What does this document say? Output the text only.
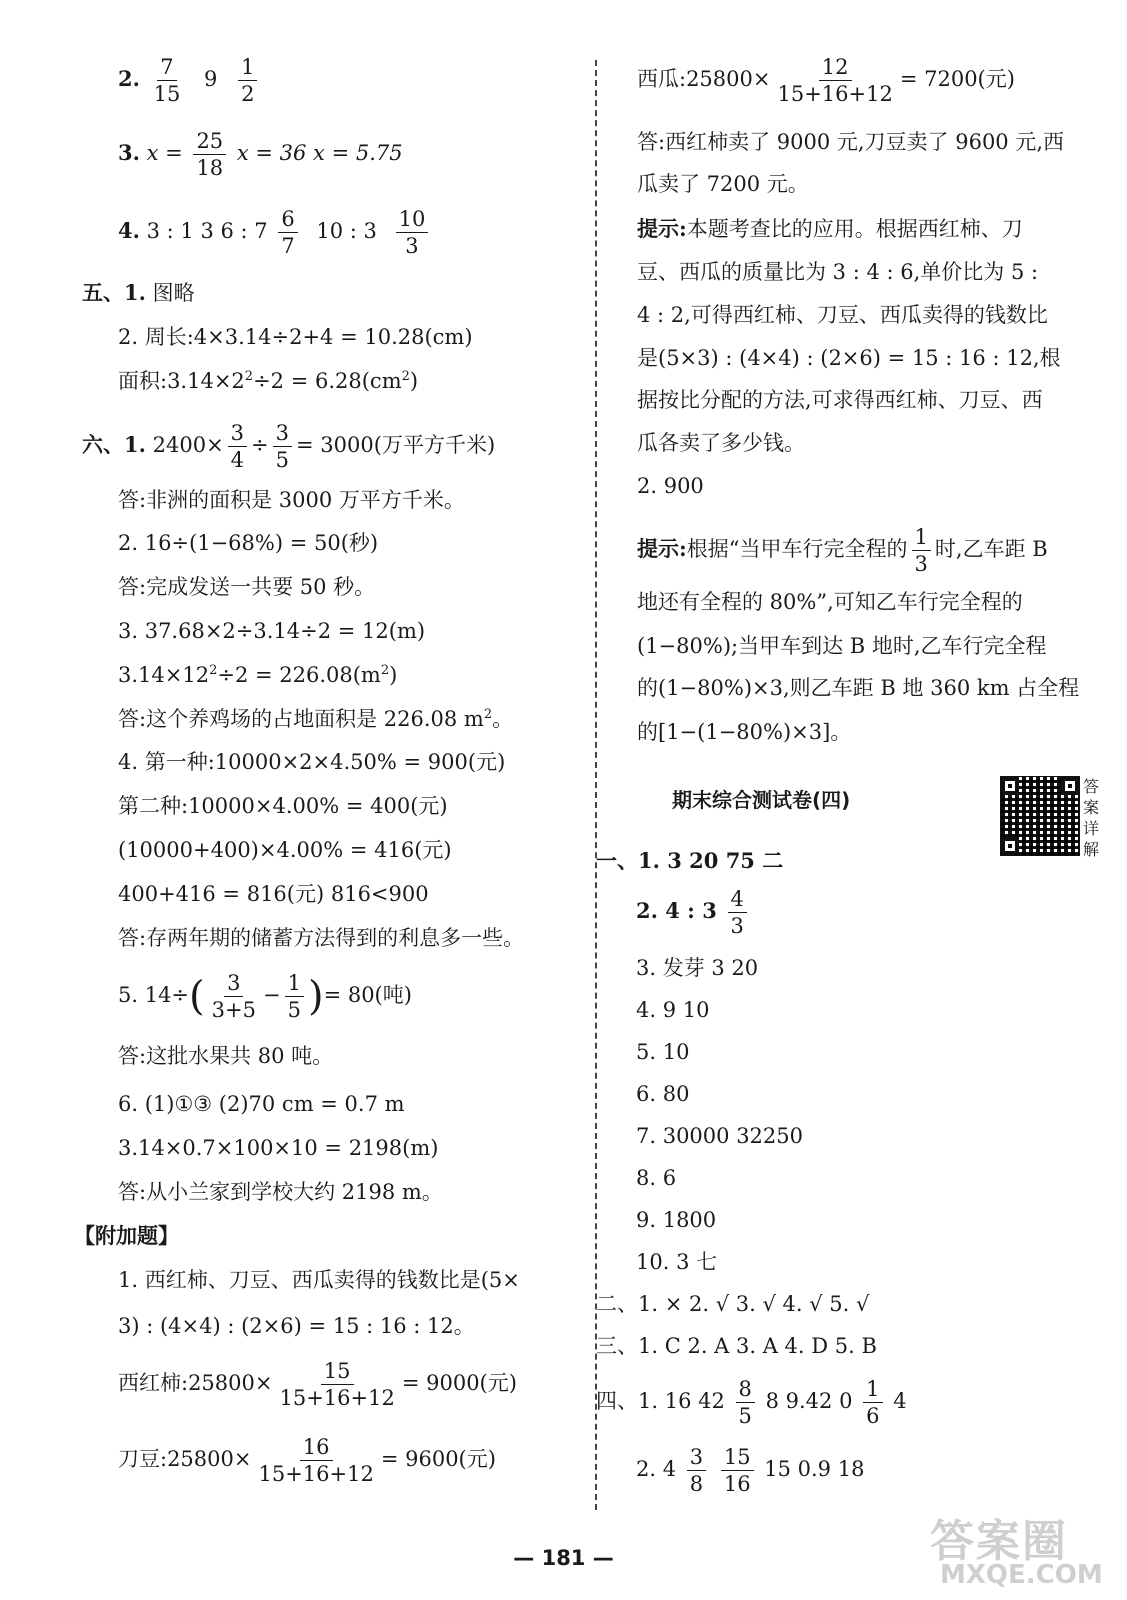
2. $\frac{7}{15} 9 \frac{1}{2}$
3. $x = \frac{25}{18}$ x = 36 x = 5.75
4. 3 : 1 3 6 : $7 \frac{6}{7} 10$ : $3 \frac{10}{3}$
五、1. 图略
2. 周长:4×3.14÷2+4 = 10.28(cm)
面积$:3.14\times 2^2\div 2 = 6.28(cm^2)$
六、1. $2400\times \frac{3}{4} \div \frac{3}{5} = 3000$(万平方千米)
答:非洲的面积是 3000 万平方千米。
2. 16÷(1−68%) = 50(秒)
答:完成发送一共要 50 秒。
3. 37.68×2÷3.14÷2 = 12(m)
$3.14\times 12^2\div 2 = 226.08(m^2)$
答:这个养鸡场的占地面积是 226.08 $m^2$。
4. 第一种:10000×2×4.50% = 900(元)
第二种:10000×4.00% = 400(元)
(10000+400)×4.00% = 416(元)
400+416 = 816(元) 816<900
答:存两年期的储蓄方法得到的利息多一些。
5. $14\div( \frac{3}{3+5} - \frac{1}{5}$ )= 80(吨)
答:这批水果共 80 吨。
6. (1)①③ (2)70 cm = 0.7 m
3.14×0.7×100×10 = 2198(m)
答:从小兰家到学校大约 2198 m。
【附加题】
1. 西红柿、刀豆、西瓜卖得的钱数比是(5×
3) : (4×4) : (2×6) = 15 : 16 : 12。
西红柿:25800× $\frac{15}{15+16+12} = 9000$(元)
刀豆:25800× $\frac{16}{15+16+12} = 9600$(元)
西瓜:25800× $\frac{12}{15+16+12} = 7200$(元)
答:西红柿卖了 9000 元,刀豆卖了 9600 元,西
瓜卖了 7200 元。
提示:本题考查比的应用。根据西红柿、刀
豆、西瓜的质量比为 3 : 4 : 6,单价比为 5 :
4 : 2,可得西红柿、刀豆、西瓜卖得的钱数比
是(5×3) : (4×4) : (2×6) = 15 : 16 : 12,根
据按比分配的方法,可求得西红柿、刀豆、西
瓜各卖了多少钱。
2. 900
提示:根据“当甲车行完全程的 $\frac{1}{3}$ 时,乙车距 B
地还有全程的 80%”,可知乙车行完全程的
(1−80%);当甲车到达 B 地时,乙车行完全程
的(1−80%)×3,则乙车距 B 地 360 km 占全程
的[1−(1−80%)×3]。
期末综合测试卷(四)
答案详解
一、1. 3 20 75 二
2. 4 : $3 \frac{4}{3}$
3. 发芽 3 20
4. 9 10
5. 10
6. 80
7. 30000 32250
8. 6
9. 1800
10. 3 七
二、1. × 2. √ 3. √ 4. √ 5. √
三、1. C 2. A 3. A 4. D 5. B
四、1. 16 $42 \frac{8}{5} 8$ 9.42 $0 \frac{1}{6} 4$
2. $4 \frac{3}{8}$
$\frac{15}{16} 15$ 0.9 18
— 181 —	答案圈
MXQE.COM
